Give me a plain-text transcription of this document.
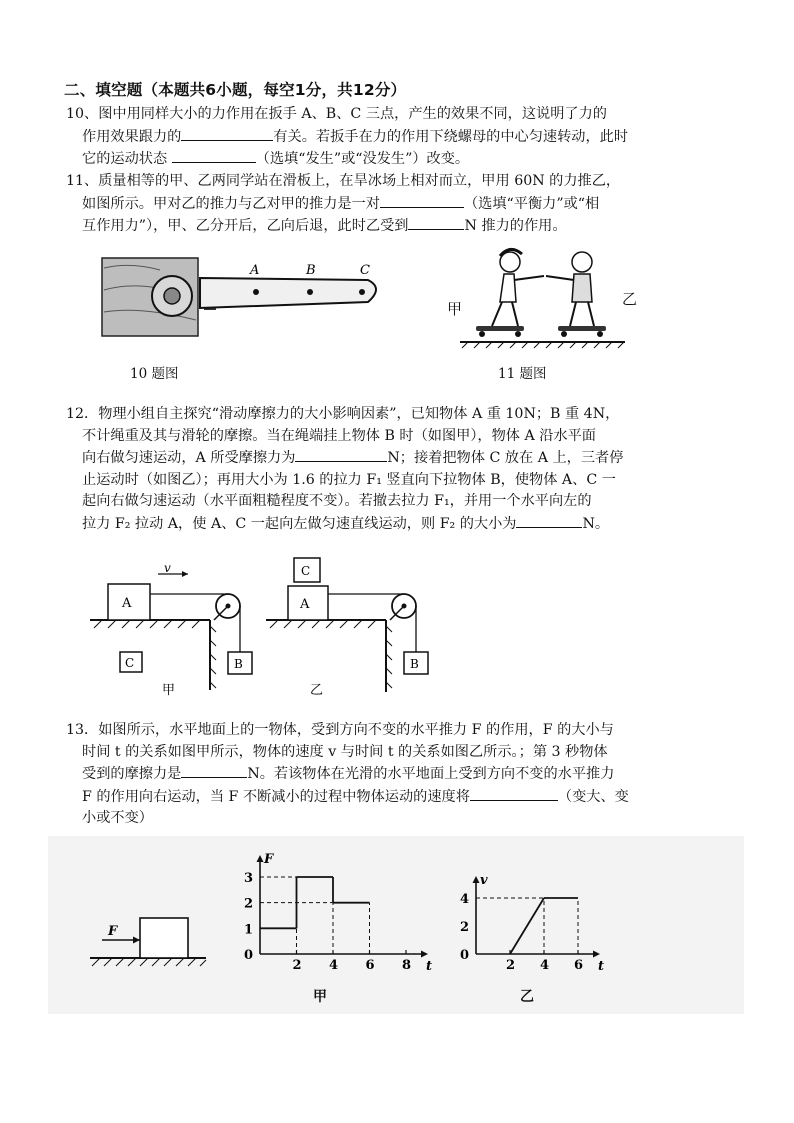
二、填空题（本题共6小题，每空1分，共12分）

10、图中用同样大小的力作用在扳手 A、B、C 三点，产生的效果不同，这说明了力的

作用效果跟力的	有关。若扳手在力的作用下绕螺母的中心匀速转动，此时

它的运动状态	（选填“发生”或“没发生”）改变。

11、质量相等的甲、乙两同学站在滑板上，在旱冰场上相对而立，甲用 60N 的力推乙，

如图所示。甲对乙的推力与乙对甲的推力是一对	（选填“平衡力”或“相

互作用力”），甲、乙分开后，乙向后退，此时乙受到	N 推力的作用。

A	B	C
10 题图
甲
乙
11 题图

12．物理小组自主探究“滑动摩擦力的大小影响因素”，已知物体 A 重 10N；B 重 4N，

不计绳重及其与滑轮的摩擦。当在绳端挂上物体 B 时（如图甲），物体 A 沿水平面

向右做匀速运动，A 所受摩擦力为	N；接着把物体 C 放在 A 上，三者停

止运动时（如图乙）；再用大小为 1.6 的拉力 F₁ 竖直向下拉物体 B，使物体 A、C 一

起向右做匀速运动（水平面粗糙程度不变）。若撤去拉力 F₁，并用一个水平向左的

拉力 F₂ 拉动 A，使 A、C 一起向左做匀速直线运动，则 F₂ 的大小为	N。

A
v
B
C
甲
A
C
B
乙

13．如图所示，水平地面上的一物体，受到方向不变的水平推力 F 的作用，F 的大小与

时间 t 的关系如图甲所示，物体的速度 v 与时间 t 的关系如图乙所示。；第 3 秒物体

受到的摩擦力是	N。若该物体在光滑的水平地面上受到方向不变的水平推力

F 的作用向右运动，当 F 不断减小的过程中物体运动的速度将	（变大、变

小或不变）

F
t
F
2 4 6 8
3
2
1
0
甲
t
v
2 4 6
4
2
0
乙
